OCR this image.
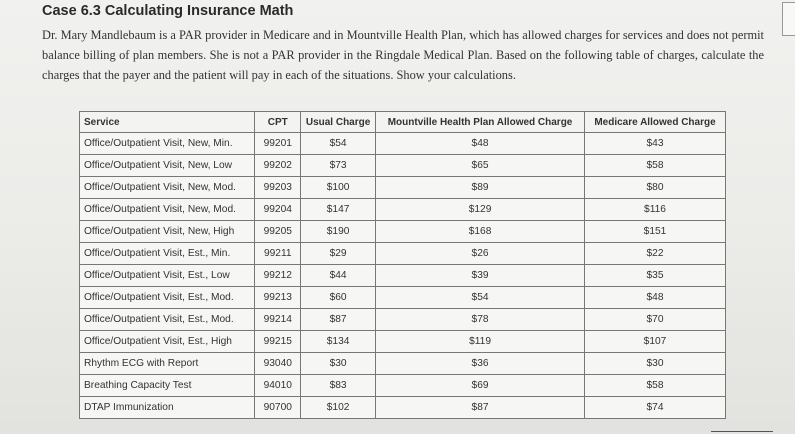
Case 6.3 Calculating Insurance Math
Dr. Mary Mandlebaum is a PAR provider in Medicare and in Mountville Health Plan, which has allowed charges for services and does not permit balance billing of plan members. She is not a PAR provider in the Ringdale Medical Plan. Based on the following table of charges, calculate the charges that the payer and the patient will pay in each of the situations. Show your calculations.
Service	CPT	Usual Charge	Mountville Health Plan Allowed Charge	Medicare Allowed Charge
Office/Outpatient Visit, New, Min.	99201	$54	$48	$43
Office/Outpatient Visit, New, Low	99202	$73	$65	$58
Office/Outpatient Visit, New, Mod.	99203	$100	$89	$80
Office/Outpatient Visit, New, Mod.	99204	$147	$129	$116
Office/Outpatient Visit, New, High	99205	$190	$168	$151
Office/Outpatient Visit, Est., Min.	99211	$29	$26	$22
Office/Outpatient Visit, Est., Low	99212	$44	$39	$35
Office/Outpatient Visit, Est., Mod.	99213	$60	$54	$48
Office/Outpatient Visit, Est., Mod.	99214	$87	$78	$70
Office/Outpatient Visit, Est., High	99215	$134	$119	$107
Rhythm ECG with Report	93040	$30	$36	$30
Breathing Capacity Test	94010	$83	$69	$58
DTAP Immunization	90700	$102	$87	$74
